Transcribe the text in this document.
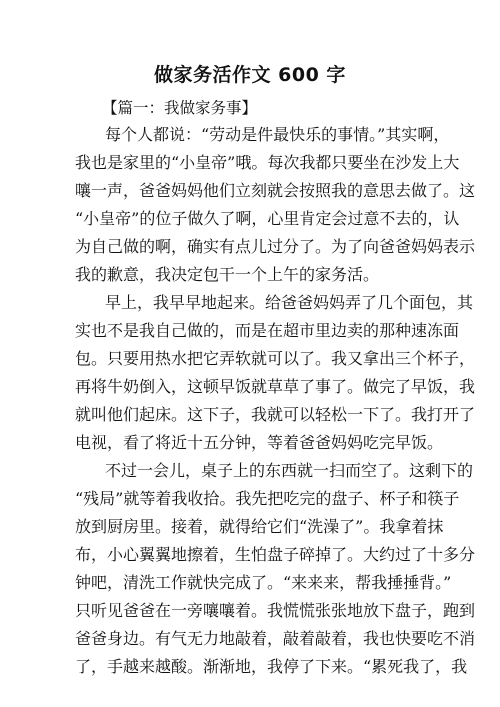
做家务活作文 600 字
【篇一：我做家务事】
每个人都说：“劳动是件最快乐的事情。”其实啊，
我也是家里的“小皇帝”哦。每次我都只要坐在沙发上大
嚷一声，爸爸妈妈他们立刻就会按照我的意思去做了。这
“小皇帝”的位子做久了啊，心里肯定会过意不去的，认
为自己做的啊，确实有点儿过分了。为了向爸爸妈妈表示
我的歉意，我决定包干一个上午的家务活。
早上，我早早地起来。给爸爸妈妈弄了几个面包，其
实也不是我自己做的，而是在超市里边卖的那种速冻面
包。只要用热水把它弄软就可以了。我又拿出三个杯子，
再将牛奶倒入，这顿早饭就草草了事了。做完了早饭，我
就叫他们起床。这下子，我就可以轻松一下了。我打开了
电视，看了将近十五分钟，等着爸爸妈妈吃完早饭。
不过一会儿，桌子上的东西就一扫而空了。这剩下的
“残局”就等着我收拾。我先把吃完的盘子、杯子和筷子
放到厨房里。接着，就得给它们“洗澡了”。我拿着抹
布，小心翼翼地擦着，生怕盘子碎掉了。大约过了十多分
钟吧，清洗工作就快完成了。“来来来，帮我捶捶背。”
只听见爸爸在一旁嚷嚷着。我慌慌张张地放下盘子，跑到
爸爸身边。有气无力地敲着，敲着敲着，我也快要吃不消
了，手越来越酸。渐渐地，我停了下来。“累死我了，我
